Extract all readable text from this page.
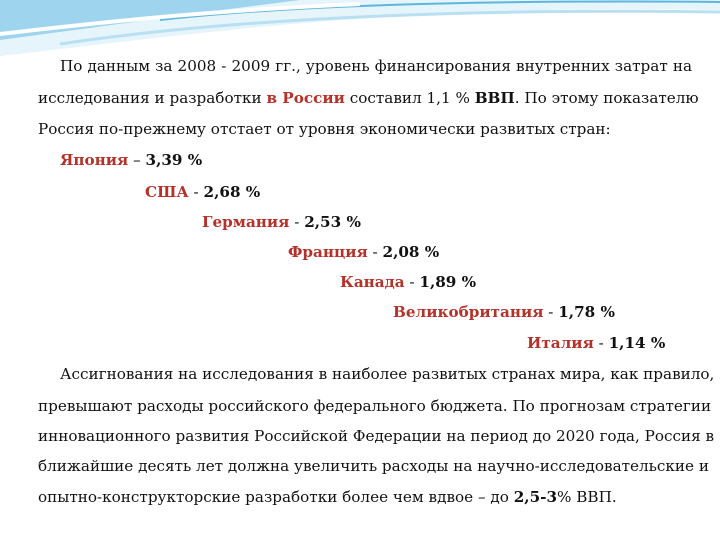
По данным за 2008 - 2009 гг., уровень финансирования внутренних затрат на
исследования и разработки в России составил 1,1 % ВВП. По этому показателю
Россия по-прежнему отстает от уровня экономически развитых стран:
Япония – 3,39 %
США - 2,68 %
Германия - 2,53 %
Франция - 2,08 %
Канада - 1,89 %
Великобритания - 1,78 %
Италия - 1,14 %
Ассигнования на исследования в наиболее развитых странах мира, как правило,
превышают расходы российского федерального бюджета. По прогнозам стратегии
инновационного развития Российской Федерации на период до 2020 года, Россия в
ближайшие десять лет должна увеличить расходы на научно-исследовательские и
опытно-конструкторские разработки более чем вдвое – до 2,5-3% ВВП.
